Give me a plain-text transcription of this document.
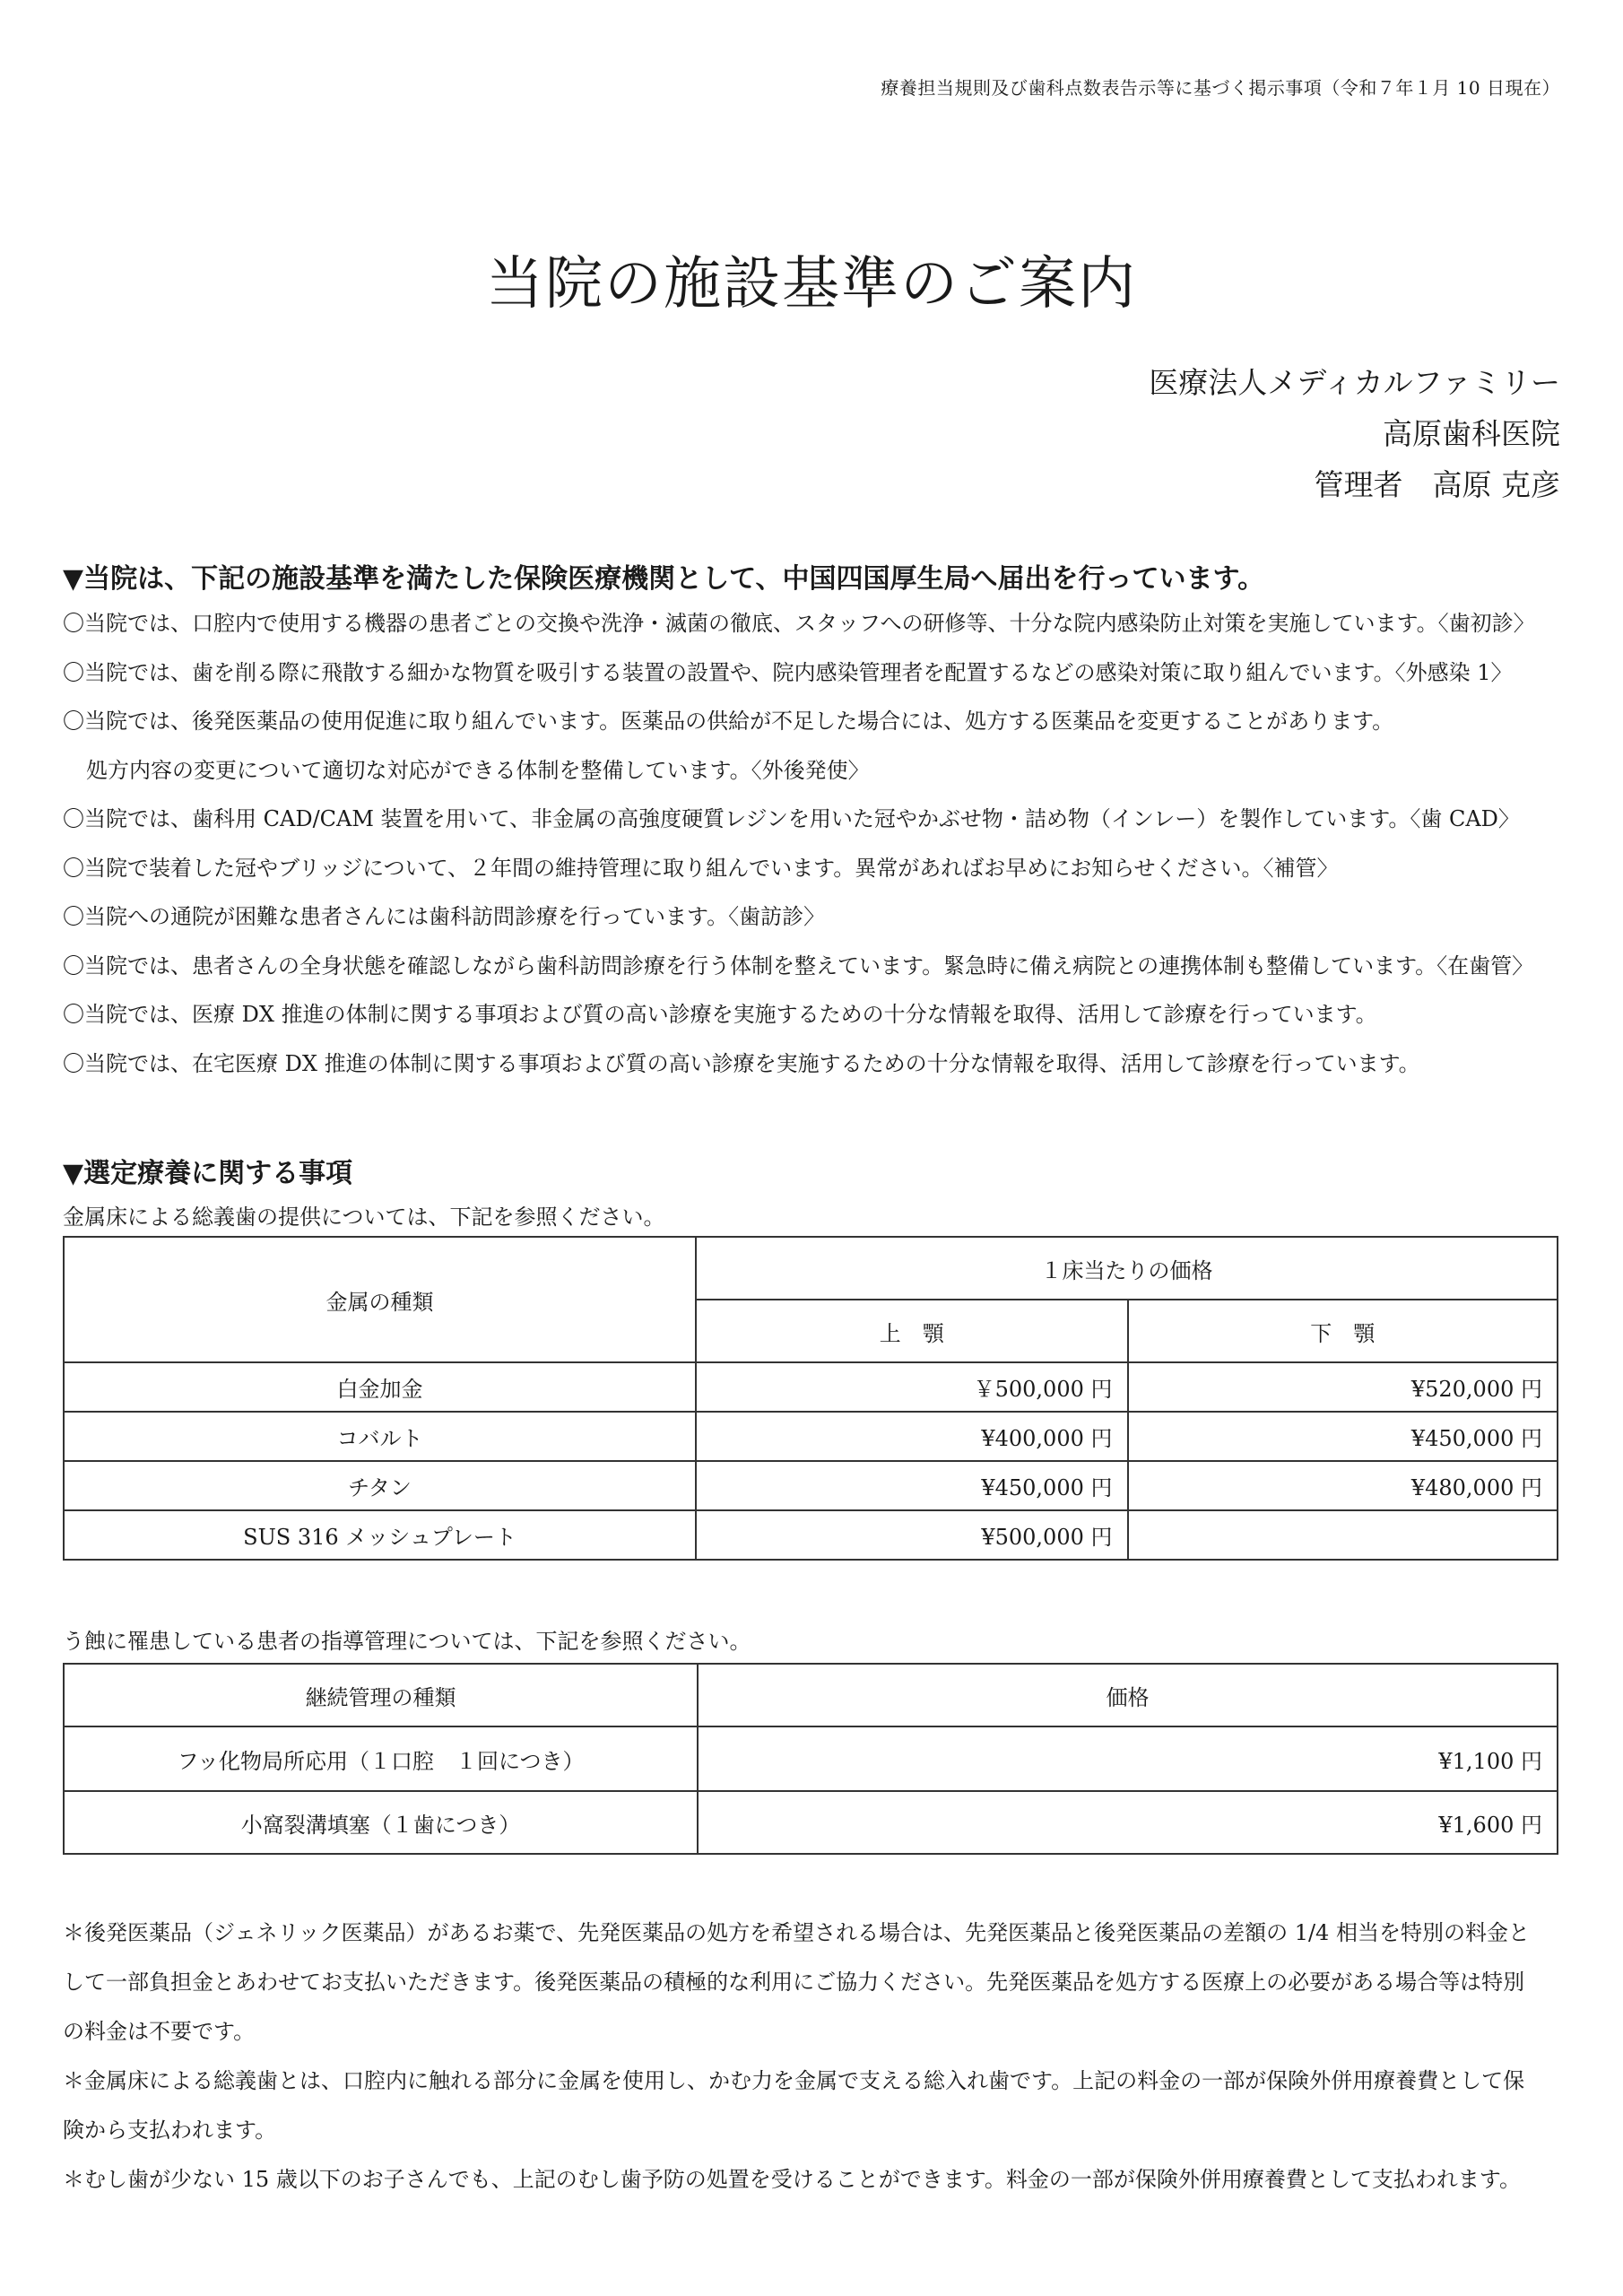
療養担当規則及び歯科点数表告示等に基づく掲示事項（令和７年１月 10 日現在）
当院の施設基準のご案内
医療法人メディカルファミリー
高原歯科医院
管理者　高原 克彦
▼当院は、下記の施設基準を満たした保険医療機関として、中国四国厚生局へ届出を行っています。
〇当院では、口腔内で使用する機器の患者ごとの交換や洗浄・滅菌の徹底、スタッフへの研修等、十分な院内感染防止対策を実施しています。〈歯初診〉
〇当院では、歯を削る際に飛散する細かな物質を吸引する装置の設置や、院内感染管理者を配置するなどの感染対策に取り組んでいます。〈外感染 1〉
〇当院では、後発医薬品の使用促進に取り組んでいます。医薬品の供給が不足した場合には、処方する医薬品を変更することがあります。
処方内容の変更について適切な対応ができる体制を整備しています。〈外後発使〉
〇当院では、歯科用 CAD/CAM 装置を用いて、非金属の高強度硬質レジンを用いた冠やかぶせ物・詰め物（インレー）を製作しています。〈歯 CAD〉
〇当院で装着した冠やブリッジについて、２年間の維持管理に取り組んでいます。異常があればお早めにお知らせください。〈補管〉
〇当院への通院が困難な患者さんには歯科訪問診療を行っています。〈歯訪診〉
〇当院では、患者さんの全身状態を確認しながら歯科訪問診療を行う体制を整えています。緊急時に備え病院との連携体制も整備しています。〈在歯管〉
〇当院では、医療 DX 推進の体制に関する事項および質の高い診療を実施するための十分な情報を取得、活用して診療を行っています。
〇当院では、在宅医療 DX 推進の体制に関する事項および質の高い診療を実施するための十分な情報を取得、活用して診療を行っています。
▼選定療養に関する事項
金属床による総義歯の提供については、下記を参照ください。
金属の種類	１床当たりの価格	
	上　顎	下　顎
白金加金	￥500,000 円	¥520,000 円
コバルト	¥400,000 円	¥450,000 円
チタン	¥450,000 円	¥480,000 円
SUS 316 メッシュプレート	¥500,000 円	
う蝕に罹患している患者の指導管理については、下記を参照ください。
継続管理の種類	価格
フッ化物局所応用（１口腔　１回につき）	¥1,100 円
小窩裂溝填塞（１歯につき）	¥1,600 円
＊後発医薬品（ジェネリック医薬品）があるお薬で、先発医薬品の処方を希望される場合は、先発医薬品と後発医薬品の差額の 1/4 相当を特別の料金と
して一部負担金とあわせてお支払いただきます。後発医薬品の積極的な利用にご協力ください。先発医薬品を処方する医療上の必要がある場合等は特別
の料金は不要です。
＊金属床による総義歯とは、口腔内に触れる部分に金属を使用し、かむ力を金属で支える総入れ歯です。上記の料金の一部が保険外併用療養費として保
険から支払われます。
＊むし歯が少ない 15 歳以下のお子さんでも、上記のむし歯予防の処置を受けることができます。料金の一部が保険外併用療養費として支払われます。
